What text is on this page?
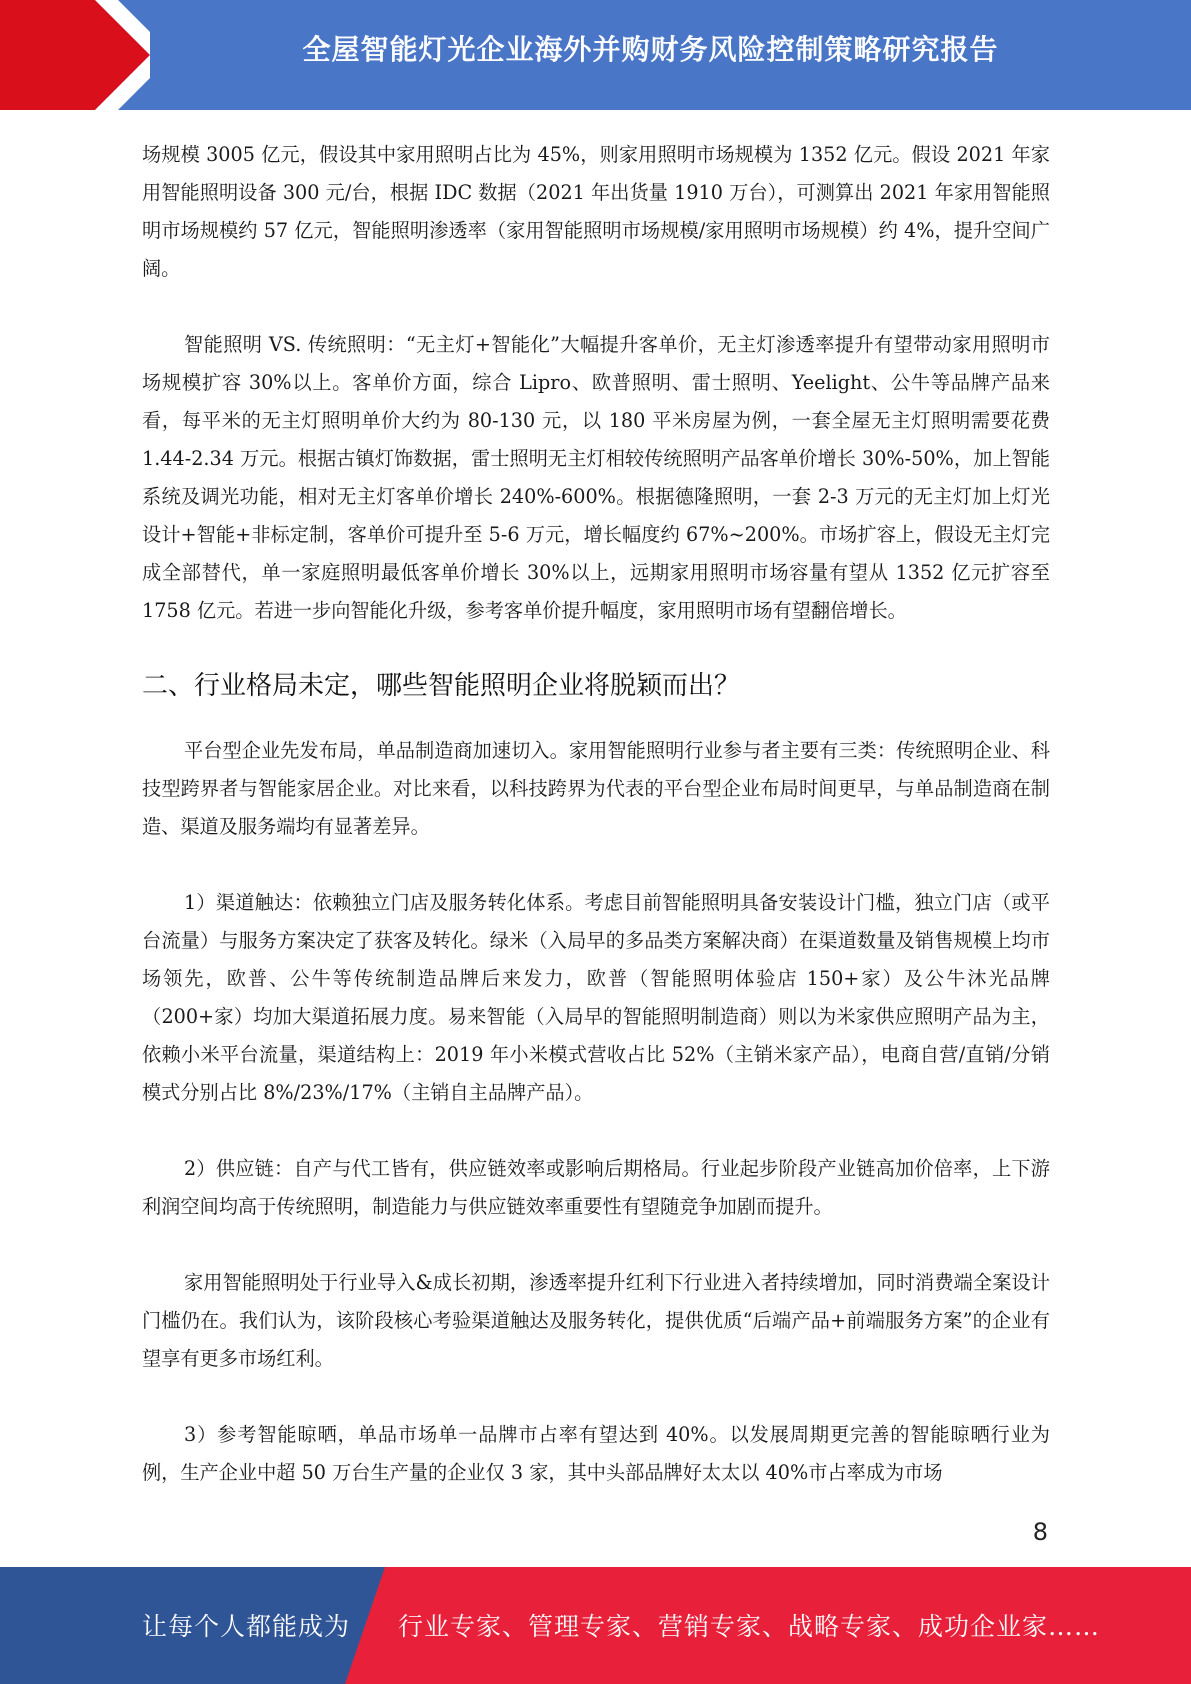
全屋智能灯光企业海外并购财务风险控制策略研究报告

场规模 3005 亿元，假设其中家用照明占比为 45%，则家用照明市场规模为 1352 亿元。假设 2021 年家用智能照明设备 300 元/台，根据 IDC 数据（2021 年出货量 1910 万台），可测算出 2021 年家用智能照明市场规模约 57 亿元，智能照明渗透率（家用智能照明市场规模/家用照明市场规模）约 4%，提升空间广阔。

智能照明 VS. 传统照明：“无主灯+智能化”大幅提升客单价，无主灯渗透率提升有望带动家用照明市场规模扩容 30%以上。客单价方面，综合 Lipro、欧普照明、雷士照明、Yeelight、公牛等品牌产品来看，每平米的无主灯照明单价大约为 80-130 元，以 180 平米房屋为例，一套全屋无主灯照明需要花费 1.44-2.34 万元。根据古镇灯饰数据，雷士照明无主灯相较传统照明产品客单价增长 30%-50%，加上智能系统及调光功能，相对无主灯客单价增长 240%-600%。根据德隆照明，一套 2-3 万元的无主灯加上灯光设计+智能+非标定制，客单价可提升至 5-6 万元，增长幅度约 67%~200%。市场扩容上，假设无主灯完成全部替代，单一家庭照明最低客单价增长 30%以上，远期家用照明市场容量有望从 1352 亿元扩容至 1758 亿元。若进一步向智能化升级，参考客单价提升幅度，家用照明市场有望翻倍增长。

二、行业格局未定，哪些智能照明企业将脱颖而出？

平台型企业先发布局，单品制造商加速切入。家用智能照明行业参与者主要有三类：传统照明企业、科技型跨界者与智能家居企业。对比来看，以科技跨界为代表的平台型企业布局时间更早，与单品制造商在制造、渠道及服务端均有显著差异。

1）渠道触达：依赖独立门店及服务转化体系。考虑目前智能照明具备安装设计门槛，独立门店（或平台流量）与服务方案决定了获客及转化。绿米（入局早的多品类方案解决商）在渠道数量及销售规模上均市场领先，欧普、公牛等传统制造品牌后来发力，欧普（智能照明体验店 150+家）及公牛沐光品牌（200+家）均加大渠道拓展力度。易来智能（入局早的智能照明制造商）则以为米家供应照明产品为主，依赖小米平台流量，渠道结构上：2019 年小米模式营收占比 52%（主销米家产品），电商自营/直销/分销模式分别占比 8%/23%/17%（主销自主品牌产品）。

2）供应链：自产与代工皆有，供应链效率或影响后期格局。行业起步阶段产业链高加价倍率，上下游利润空间均高于传统照明，制造能力与供应链效率重要性有望随竞争加剧而提升。

家用智能照明处于行业导入&成长初期，渗透率提升红利下行业进入者持续增加，同时消费端全案设计门槛仍在。我们认为，该阶段核心考验渠道触达及服务转化，提供优质“后端产品+前端服务方案”的企业有望享有更多市场红利。

3）参考智能晾晒，单品市场单一品牌市占率有望达到 40%。以发展周期更完善的智能晾晒行业为例，生产企业中超 50 万台生产量的企业仅 3 家，其中头部品牌好太太以 40%市占率成为市场

8
让每个人都能成为 行业专家、管理专家、营销专家、战略专家、成功企业家……
